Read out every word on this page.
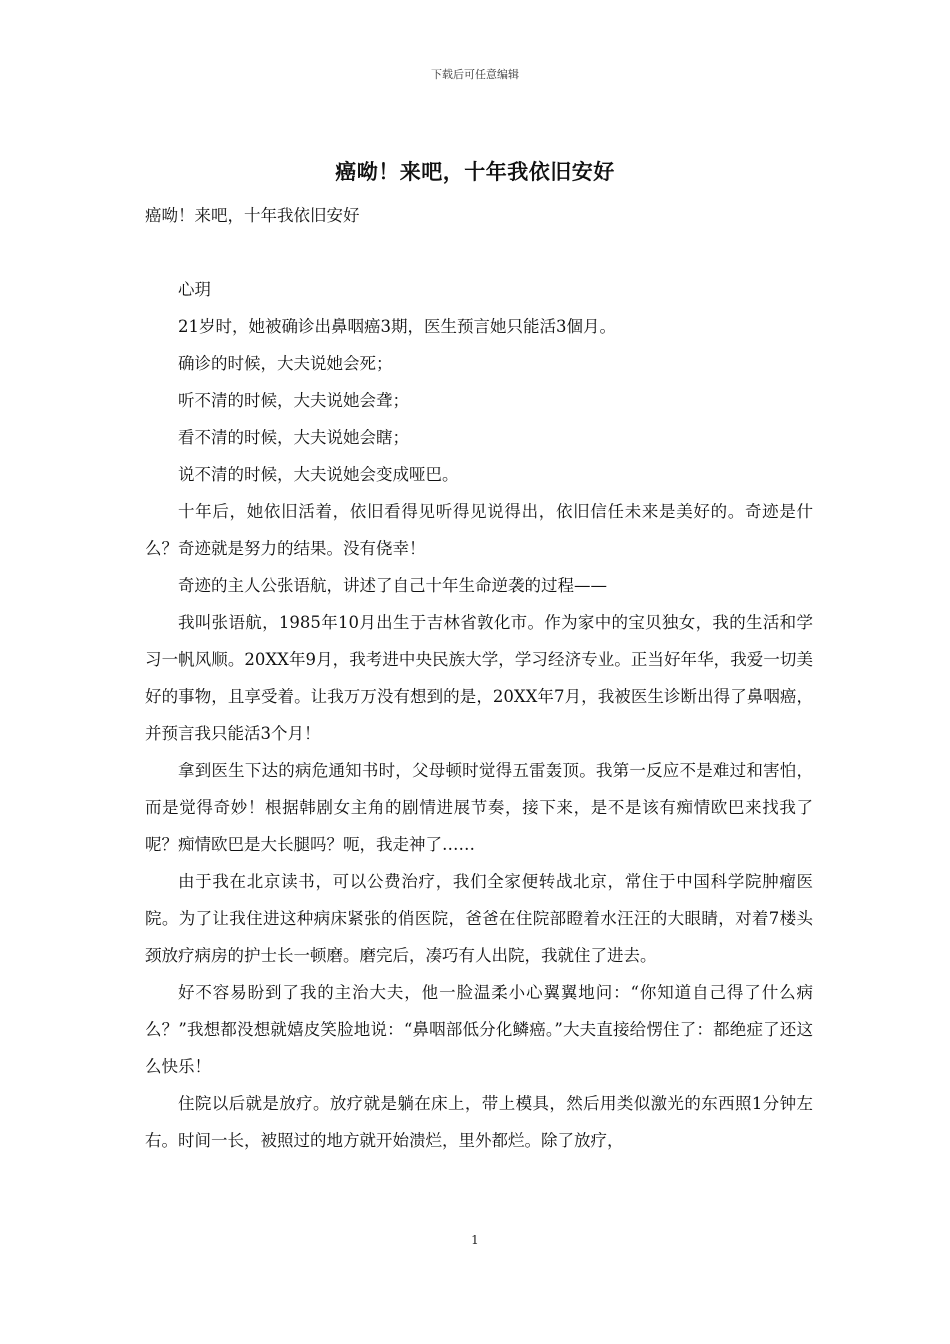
下载后可任意编辑
癌呦！来吧，十年我依旧安好

癌呦！来吧，十年我依旧安好

心玥

21岁时，她被确诊出鼻咽癌3期，医生预言她只能活3個月。

确诊的时候，大夫说她会死；

听不清的时候，大夫说她会聋；

看不清的时候，大夫说她会瞎；

说不清的时候，大夫说她会变成哑巴。

十年后，她依旧活着，依旧看得见听得见说得出，依旧信任未来是美好的。奇迹是什么？奇迹就是努力的结果。没有侥幸！

奇迹的主人公张语航，讲述了自己十年生命逆袭的过程——

我叫张语航，1985年10月出生于吉林省敦化市。作为家中的宝贝独女，我的生活和学习一帆风顺。20XX年9月，我考进中央民族大学，学习经济专业。正当好年华，我爱一切美好的事物，且享受着。让我万万没有想到的是，20XX年7月，我被医生诊断出得了鼻咽癌，并预言我只能活3个月！

拿到医生下达的病危通知书时，父母顿时觉得五雷轰顶。我第一反应不是难过和害怕，而是觉得奇妙！根据韩剧女主角的剧情进展节奏，接下来，是不是该有痴情欧巴来找我了呢？痴情欧巴是大长腿吗？呃，我走神了……

由于我在北京读书，可以公费治疗，我们全家便转战北京，常住于中国科学院肿瘤医院。为了让我住进这种病床紧张的俏医院，爸爸在住院部瞪着水汪汪的大眼睛，对着7楼头颈放疗病房的护士长一顿磨。磨完后，凑巧有人出院，我就住了进去。

好不容易盼到了我的主治大夫，他一脸温柔小心翼翼地问：“你知道自己得了什么病么？”我想都没想就嬉皮笑脸地说：“鼻咽部低分化鳞癌。”大夫直接给愣住了：都绝症了还这么快乐！

住院以后就是放疗。放疗就是躺在床上，带上模具，然后用类似激光的东西照1分钟左右。时间一长，被照过的地方就开始溃烂，里外都烂。除了放疗，

1
